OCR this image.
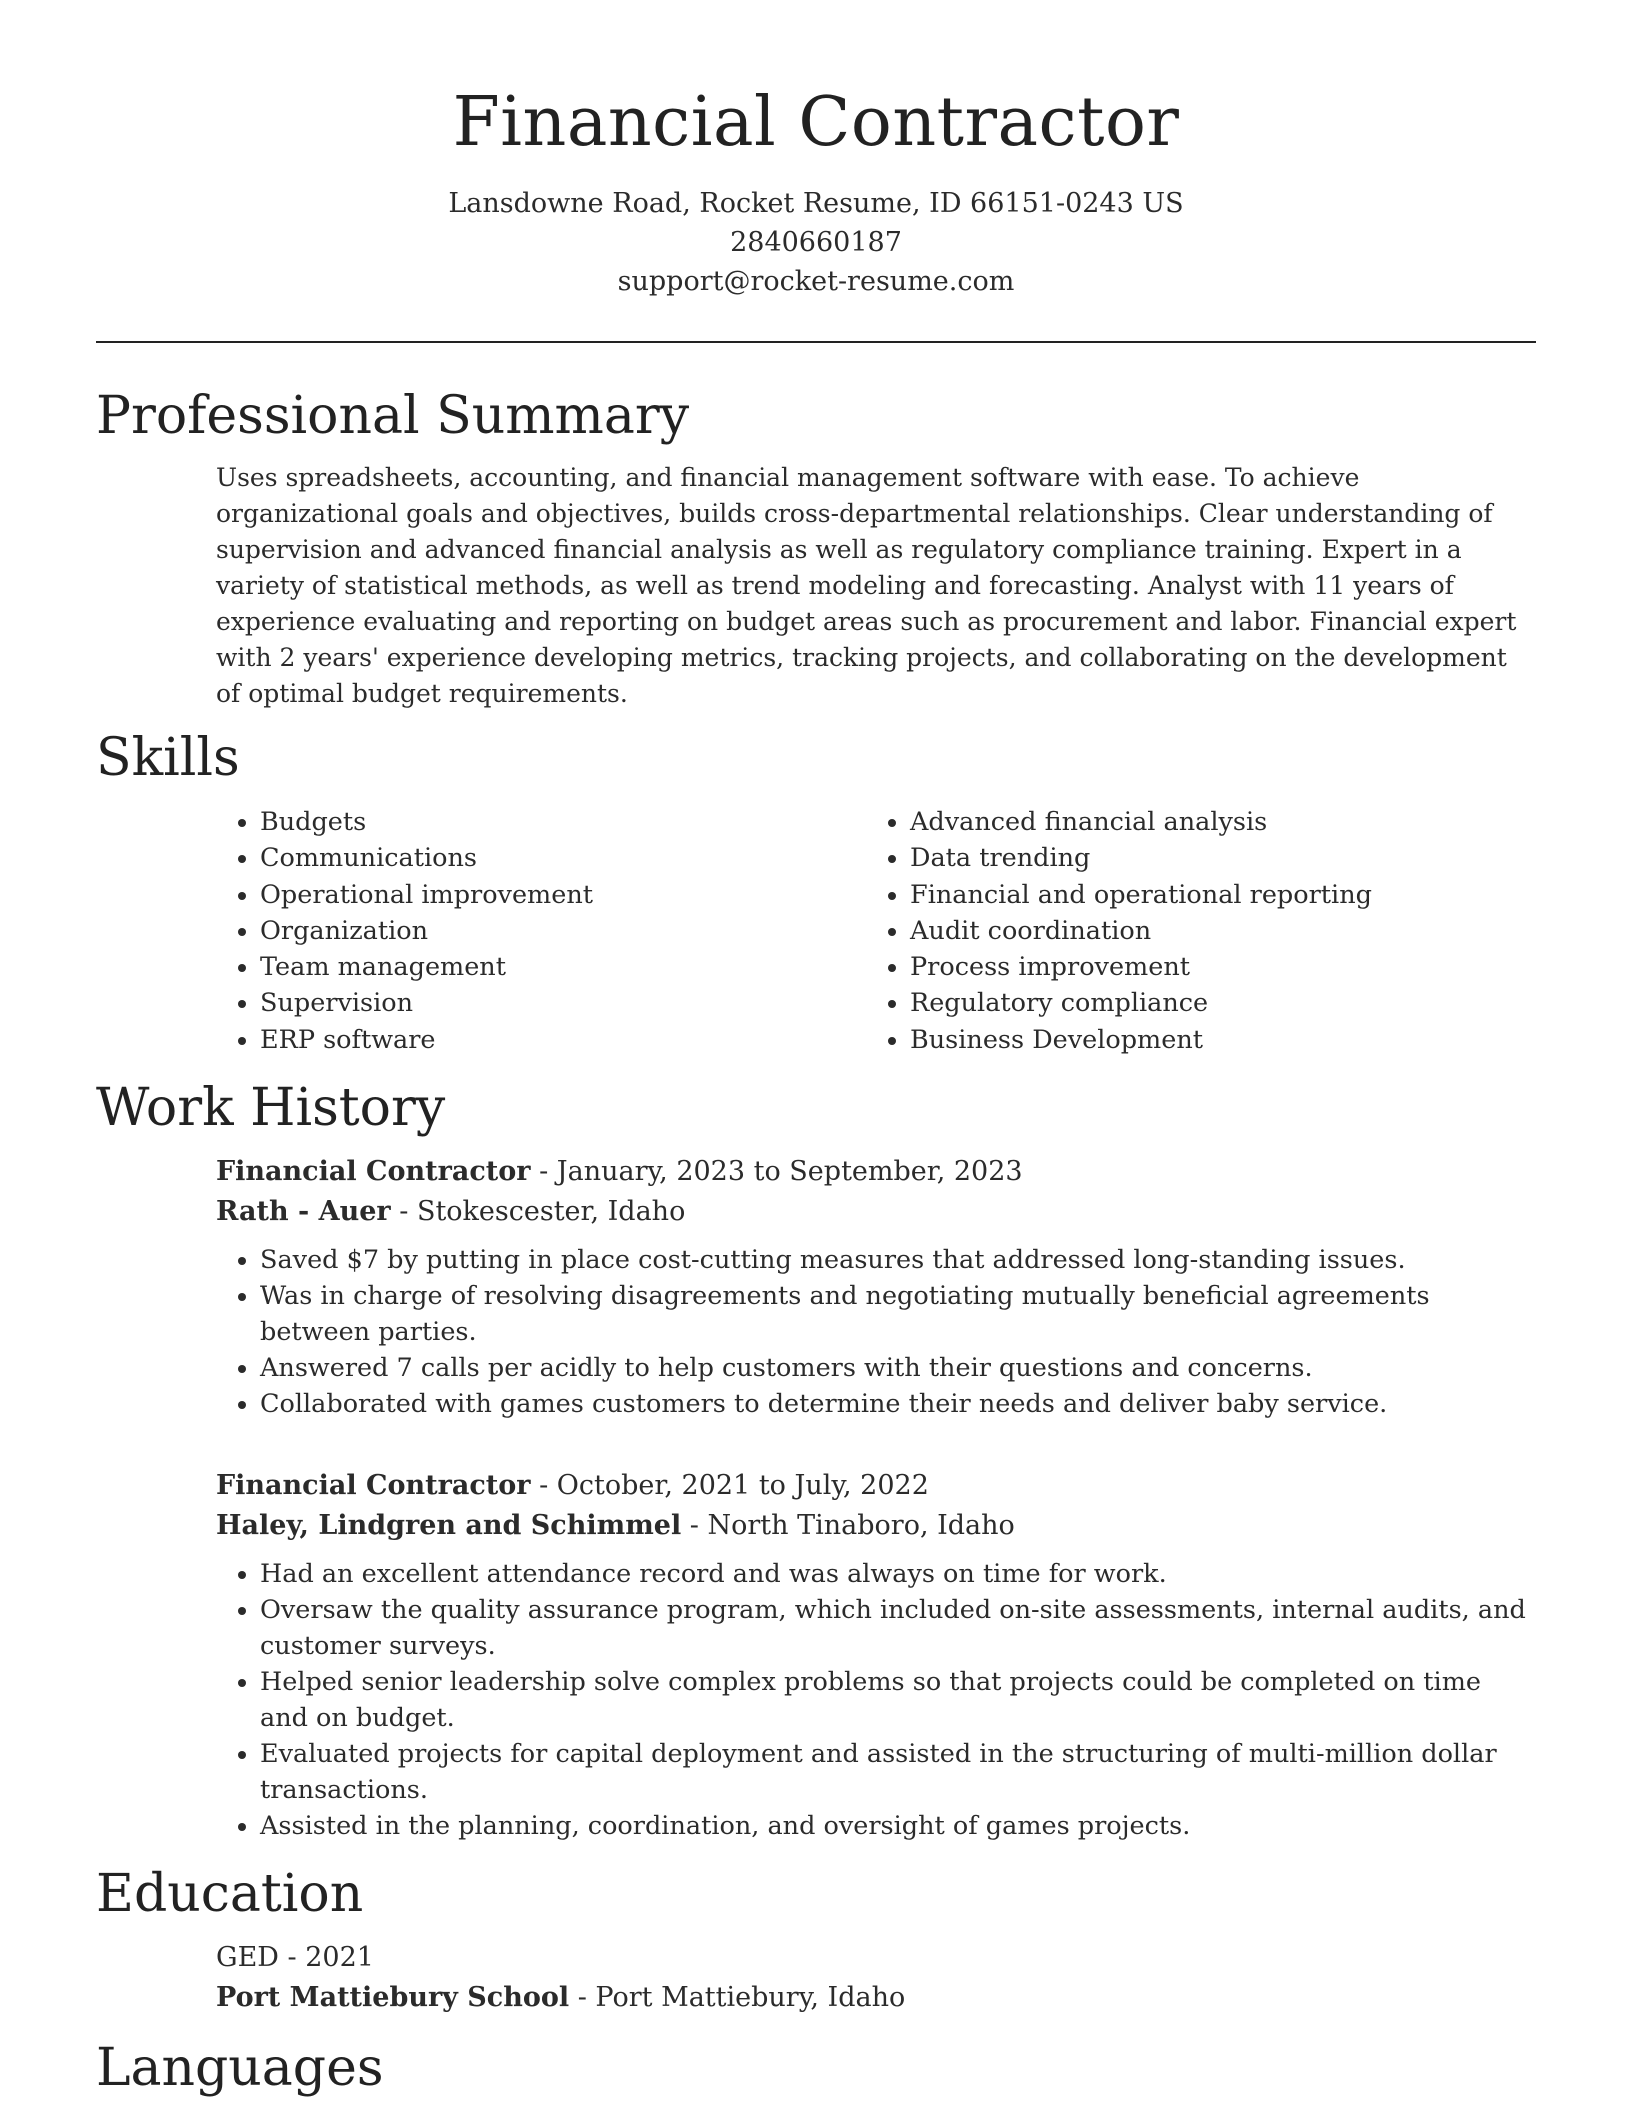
Financial Contractor
Lansdowne Road, Rocket Resume, ID 66151-0243 US
2840660187
support@rocket-resume.com
Professional Summary

Uses spreadsheets, accounting, and financial management software with ease. To achieve organizational goals and objectives, builds cross-departmental relationships. Clear understanding of supervision and advanced financial analysis as well as regulatory compliance training. Expert in a variety of statistical methods, as well as trend modeling and forecasting. Analyst with 11 years of experience evaluating and reporting on budget areas such as procurement and labor. Financial expert with 2 years' experience developing metrics, tracking projects, and collaborating on the development of optimal budget requirements.

Skills
• Budgets
• Communications
• Operational improvement
• Organization
• Team management
• Supervision
• ERP software
• Advanced financial analysis
• Data trending
• Financial and operational reporting
• Audit coordination
• Process improvement
• Regulatory compliance
• Business Development
Work History
Financial Contractor - January, 2023 to September, 2023
Rath - Auer - Stokescester, Idaho
• Saved $7 by putting in place cost-cutting measures that addressed long-standing issues.
• Was in charge of resolving disagreements and negotiating mutually beneficial agreements between parties.
• Answered 7 calls per acidly to help customers with their questions and concerns.
• Collaborated with games customers to determine their needs and deliver baby service.
Financial Contractor - October, 2021 to July, 2022
Haley, Lindgren and Schimmel - North Tinaboro, Idaho
• Had an excellent attendance record and was always on time for work.
• Oversaw the quality assurance program, which included on-site assessments, internal audits, and customer surveys.
• Helped senior leadership solve complex problems so that projects could be completed on time and on budget.
• Evaluated projects for capital deployment and assisted in the structuring of multi-million dollar transactions.
• Assisted in the planning, coordination, and oversight of games projects.
Education
GED - 2021
Port Mattiebury School - Port Mattiebury, Idaho
Languages
